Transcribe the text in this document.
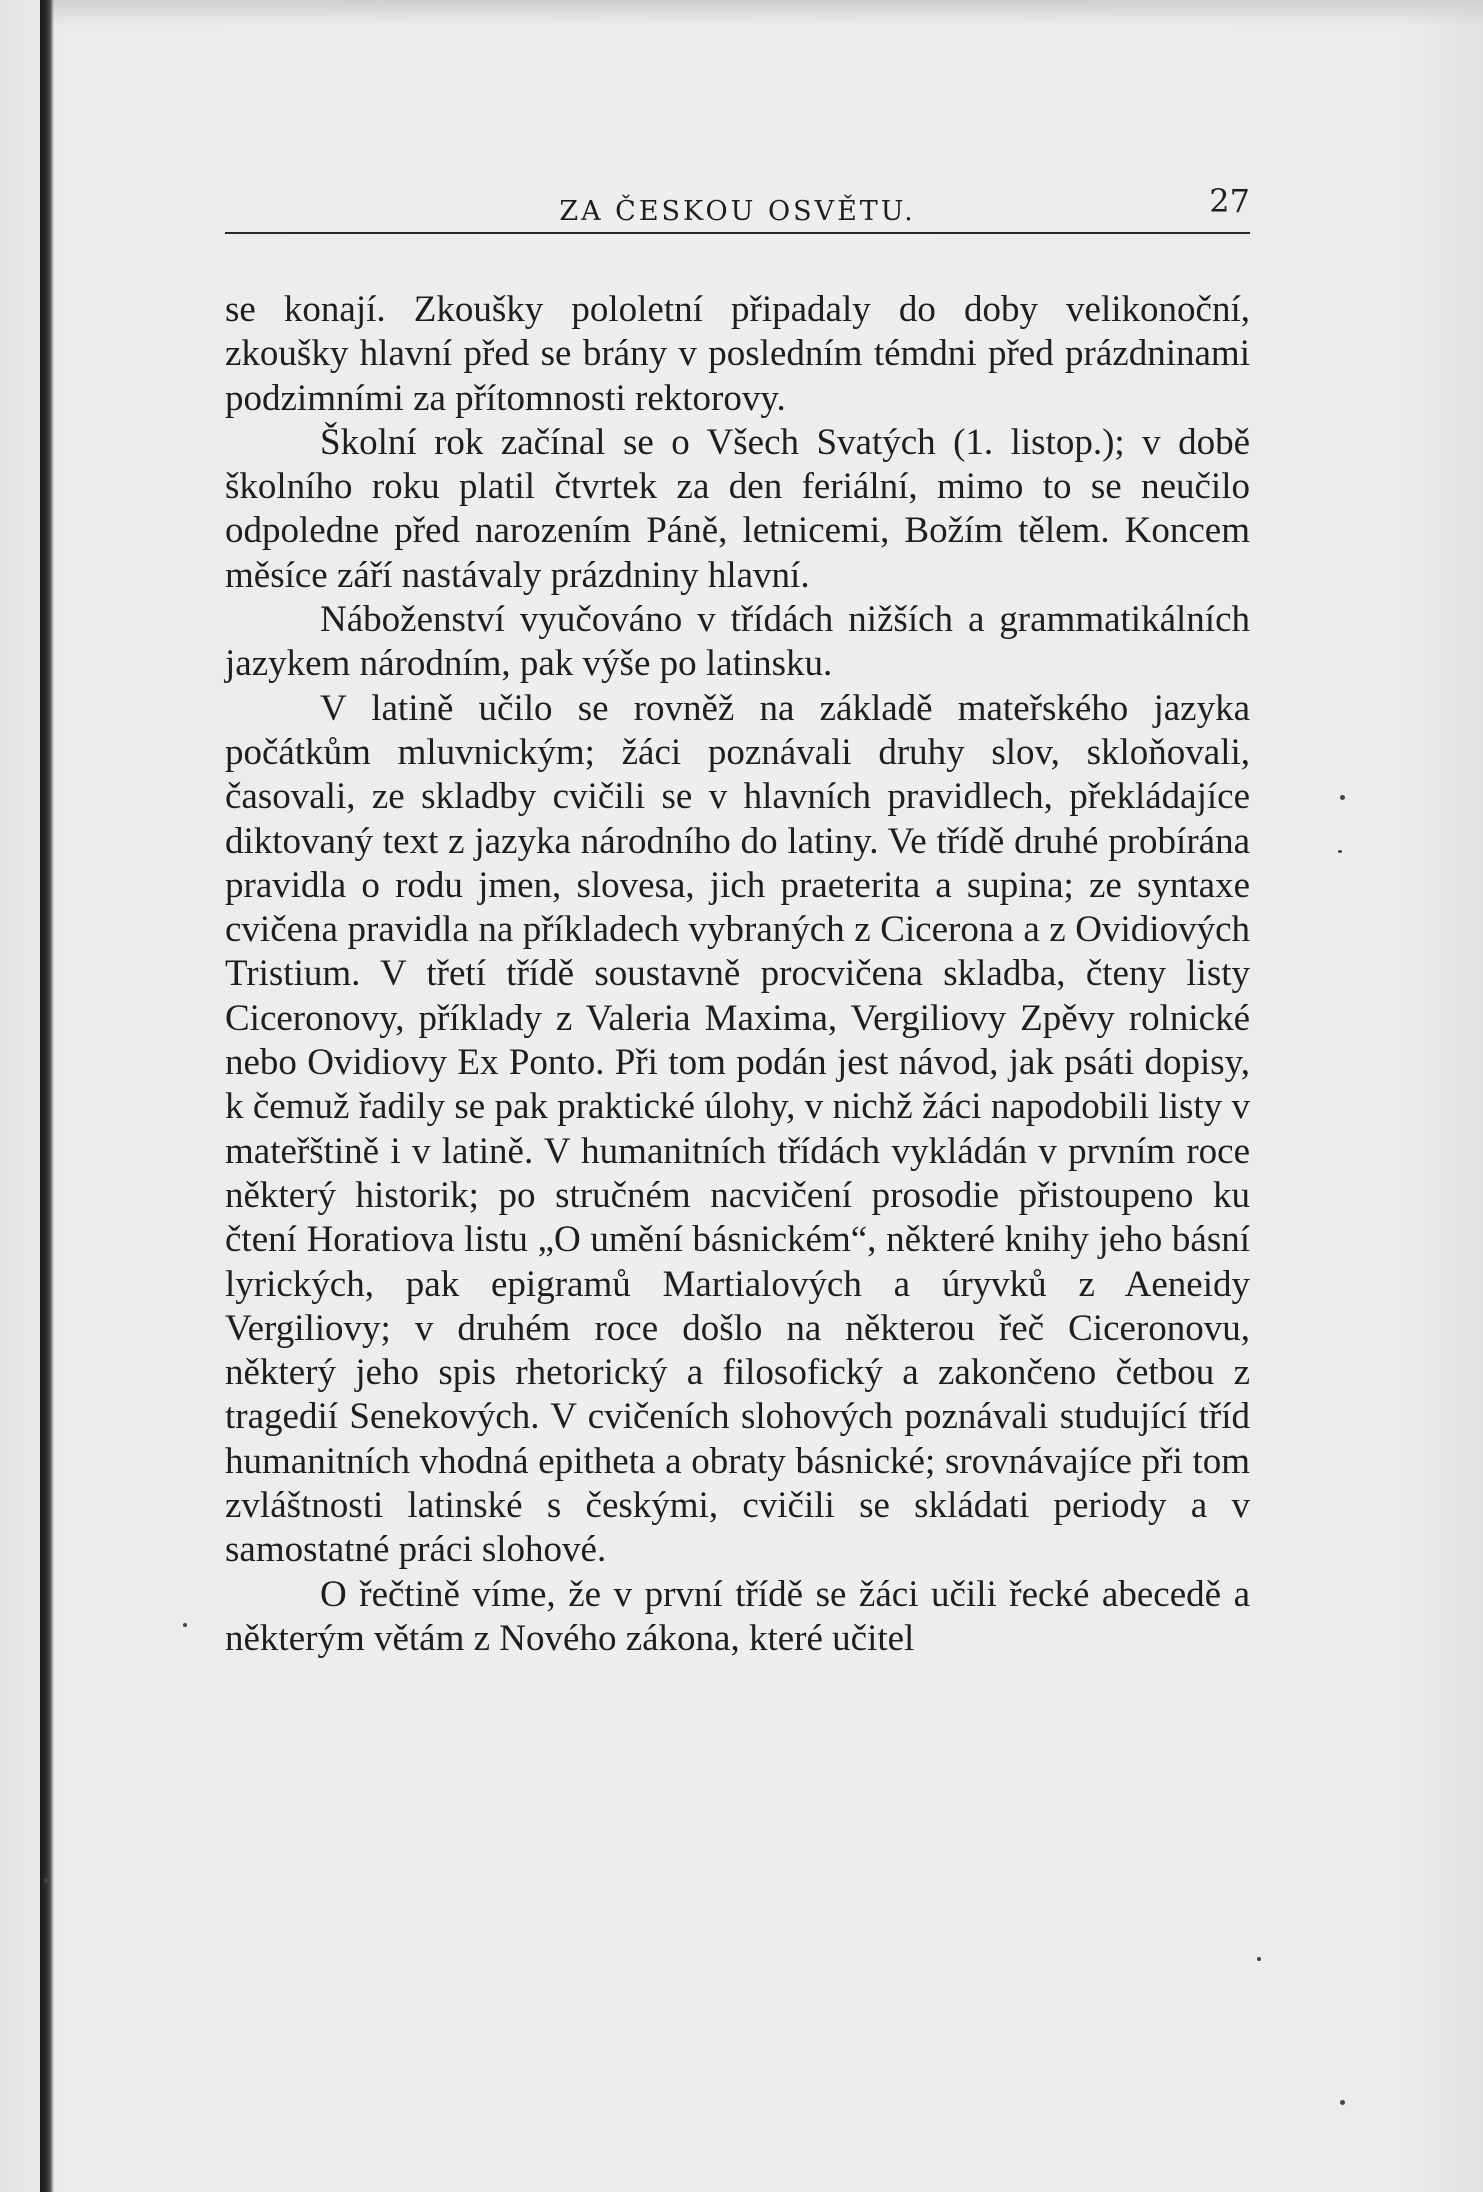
ZA ČESKOU OSVĚTU.	27

se konají. Zkoušky pololetní připadaly do doby velikonoční, zkoušky hlavní před se brány v posledním témdni před prázdninami podzimními za přítomnosti rektorovy.

Školní rok začínal se o Všech Svatých (1. listop.); v době školního roku platil čtvrtek za den feriální, mimo to se neučilo odpoledne před narozením Páně, letnicemi, Božím tělem. Koncem měsíce září nastávaly prázdniny hlavní.

Náboženství vyučováno v třídách nižších a grammatikálních jazykem národním, pak výše po latinsku.

V latině učilo se rovněž na základě mateřského jazyka počátkům mluvnickým; žáci poznávali druhy slov, skloňovali, časovali, ze skladby cvičili se v hlavních pravidlech, překládajíce diktovaný text z jazyka národního do latiny. Ve třídě druhé probírána pravidla o rodu jmen, slovesa, jich praeterita a supina; ze syntaxe cvičena pravidla na příkladech vybraných z Cicerona a z Ovidiových Tristium. V třetí třídě soustavně procvičena skladba, čteny listy Ciceronovy, příklady z Valeria Maxima, Vergiliovy Zpěvy rolnické nebo Ovidiovy Ex Ponto. Při tom podán jest návod, jak psáti dopisy, k čemuž řadily se pak praktické úlohy, v nichž žáci napodobili listy v mateřštině i v latině. V humanitních třídách vykládán v prvním roce některý historik; po stručném nacvičení prosodie přistoupeno ku čtení Horatiova listu „O umění básnickém“, některé knihy jeho básní lyrických, pak epigramů Martialových a úryvků z Aeneidy Vergiliovy; v druhém roce došlo na některou řeč Ciceronovu, některý jeho spis rhetorický a filosofický a zakončeno četbou z tragedií Senekových. V cvičeních slohových poznávali studující tříd humanitních vhodná epitheta a obraty básnické; srovnávajíce při tom zvláštnosti latinské s českými, cvičili se skládati periody a v samostatné práci slohové.

O řečtině víme, že v první třídě se žáci učili řecké abecedě a některým větám z Nového zákona, které učitel
